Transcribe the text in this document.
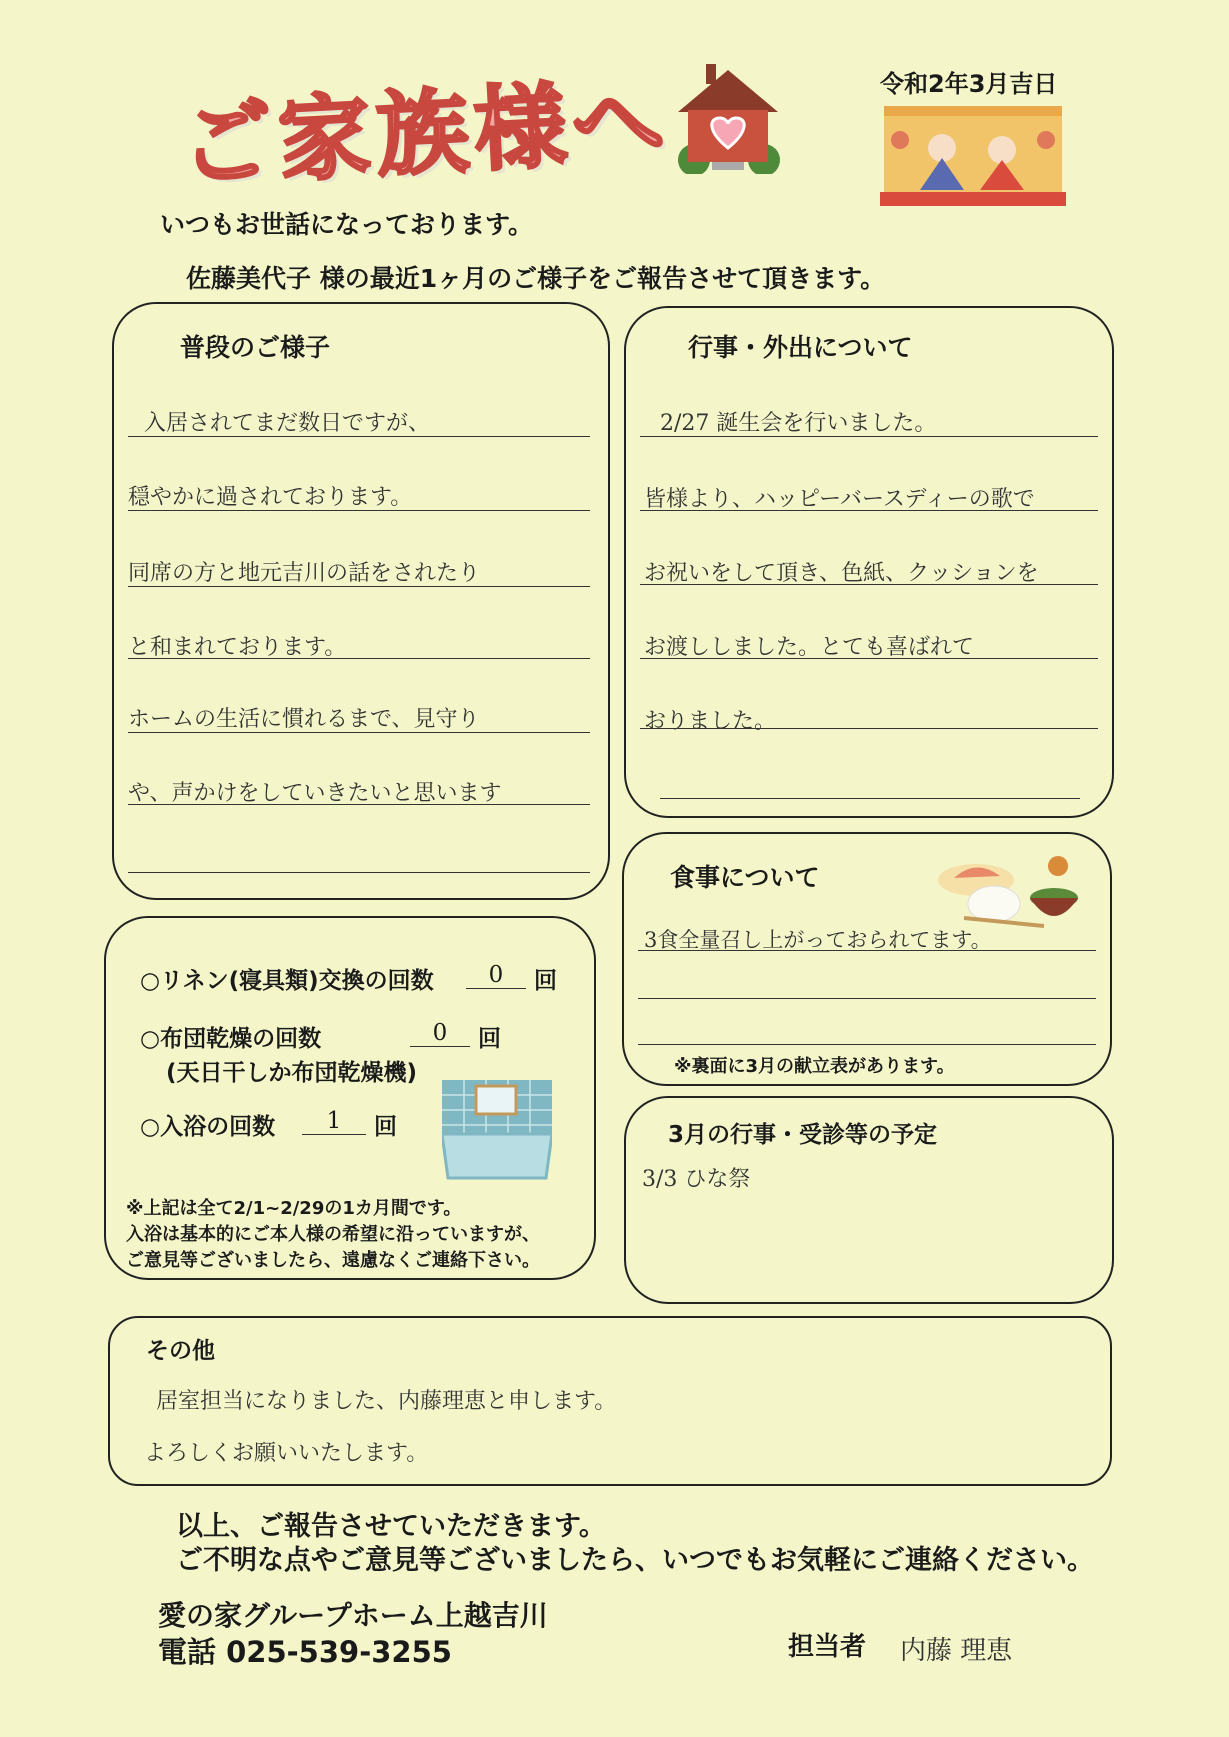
ご家族様へ	令和2年3月吉日
いつもお世話になっております。
佐藤美代子 様の最近1ヶ月のご様子をご報告させて頂きます。
普段のご様子
入居されてまだ数日ですが、
穏やかに過されております。
同席の方と地元吉川の話をされたり
と和まれております。
ホームの生活に慣れるまで、見守り
や、声かけをしていきたいと思います
行事・外出について
2/27 誕生会を行いました。
皆様より、ハッピーバースディーの歌で
お祝いをして頂き、色紙、クッションを
お渡ししました。とても喜ばれて
おりました。
○リネン(寝具類)交換の回数	0	回
○布団乾燥の回数	0	回
(天日干しか布団乾燥機)
○入浴の回数	1	回
※上記は全て2/1~2/29の1カ月間です。
入浴は基本的にご本人様の希望に沿っていますが、
ご意見等ございましたら、遠慮なくご連絡下さい。
食事について
3食全量召し上がっておられてます。
※裏面に3月の献立表があります。
3月の行事・受診等の予定
3/3 ひな祭
その他
居室担当になりました、内藤理恵と申します。
よろしくお願いいたします。
以上、ご報告させていただきます。
ご不明な点やご意見等ございましたら、いつでもお気軽にご連絡ください。
愛の家グループホーム上越吉川
電話 025-539-3255	担当者 内藤 理恵
